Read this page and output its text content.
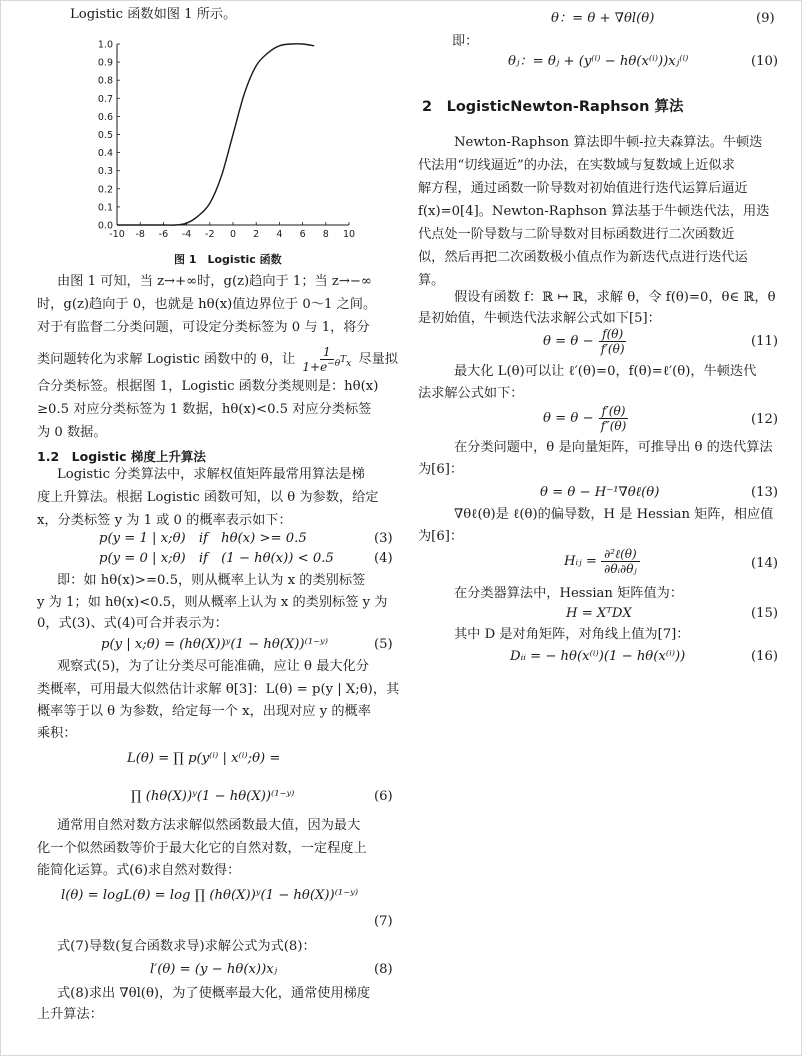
Logistic 函数如图 1 所示。
-10 -8 -6 -4 -2 0 2 4 6 8 10
0.0
0.1
0.2
0.3
0.4
0.5
0.6
0.7
0.8
0.9
1.0
图 1　Logistic 函数
由图 1 可知，当 z→+∞时，g(z)趋向于 1；当 z→−∞
时，g(z)趋向于 0，也就是 hθ(x)值边界位于 0～1 之间。
对于有监督二分类问题，可设定分类标签为 0 与 1，将分
类问题转化为求解 Logistic 函数中的 θ，让 $\frac{1}{1+e^{-\theta^Tx}}$ 尽量拟
合分类标签。根据图 1，Logistic 函数分类规则是：hθ(x)
≥0.5 对应分类标签为 1 数据，hθ(x)<0.5 对应分类标签
为 0 数据。
1.2　Logistic 梯度上升算法
Logistic 分类算法中，求解权值矩阵最常用算法是梯
度上升算法。根据 Logistic 函数可知，以 θ 为参数，给定
x，分类标签 y 为 1 或 0 的概率表示如下：
p(y = 1 | x;θ)　if　hθ(x) >= 0.5	(3)
p(y = 0 | x;θ)　if　(1 − hθ(x)) < 0.5	(4)
即：如 hθ(x)>=0.5，则从概率上认为 x 的类别标签
y 为 1；如 hθ(x)<0.5，则从概率上认为 x 的类别标签 y 为
0，式(3)、式(4)可合并表示为：
p(y | x;θ) = (hθ(X))ʸ(1 − hθ(X))⁽¹⁻ʸ⁾	(5)
观察式(5)，为了让分类尽可能准确，应让 θ 最大化分
类概率，可用最大似然估计求解 θ[3]：L(θ) = p(y | X;θ)，其
概率等于以 θ 为参数，给定每一个 x，出现对应 y 的概率
乘积：
L(θ) = ∏ p(y⁽ⁱ⁾ | x⁽ⁱ⁾;θ) =
∏ (hθ(X))ʸ(1 − hθ(X))⁽¹⁻ʸ⁾	(6)
通常用自然对数方法求解似然函数最大值，因为最大
化一个似然函数等价于最大化它的自然对数，一定程度上
能简化运算。式(6)求自然对数得：
l(θ) = logL(θ) = log ∏ (hθ(X))ʸ(1 − hθ(X))⁽¹⁻ʸ⁾
(7)
式(7)导数(复合函数求导)求解公式为式(8)：
l′(θ) = (y − hθ(x))xⱼ	(8)
式(8)求出 ∇θl(θ)，为了使概率最大化，通常使用梯度
上升算法：
θ：= θ + ∇θl(θ)	(9)
即：
θⱼ：= θⱼ + (y⁽ⁱ⁾ − hθ(x⁽ⁱ⁾))xⱼ⁽ⁱ⁾	(10)
2　LogisticNewton-Raphson 算法
Newton-Raphson 算法即牛顿-拉夫森算法。牛顿迭
代法用“切线逼近”的办法，在实数域与复数域上近似求
解方程，通过函数一阶导数对初始值进行迭代运算后逼近
f(x)=0[4]。Newton-Raphson 算法基于牛顿迭代法，用迭
代点处一阶导数与二阶导数对目标函数进行二次函数近
似，然后再把二次函数极小值点作为新迭代点进行迭代运
算。
假设有函数 f：ℝ ↦ ℝ，求解 θ，令 f(θ)=0，θ∈ ℝ，θ
是初始值，牛顿迭代法求解公式如下[5]：
$\theta = \theta - \frac{f(\theta)}{f'(\theta)}$	(11)
最大化 L(θ)可以让 ℓ′(θ)=0，f(θ)=ℓ′(θ)，牛顿迭代
法求解公式如下：
$\theta = \theta - \frac{f'(\theta)}{f''(\theta)}$	(12)
在分类问题中，θ 是向量矩阵，可推导出 θ 的迭代算法
为[6]：
θ = θ − H⁻¹∇θℓ(θ)	(13)
∇θℓ(θ)是 ℓ(θ)的偏导数，H 是 Hessian 矩阵，相应值
为[6]：
Hᵢⱼ = $\frac{\text{∂²ℓ(θ)}}{\text{∂θᵢ∂θⱼ}}$	(14)
在分类器算法中，Hessian 矩阵值为：
H = XᵀDX	(15)
其中 D 是对角矩阵，对角线上值为[7]：
Dᵢᵢ = − hθ(x⁽ⁱ⁾)(1 − hθ(x⁽ⁱ⁾))	(16)
